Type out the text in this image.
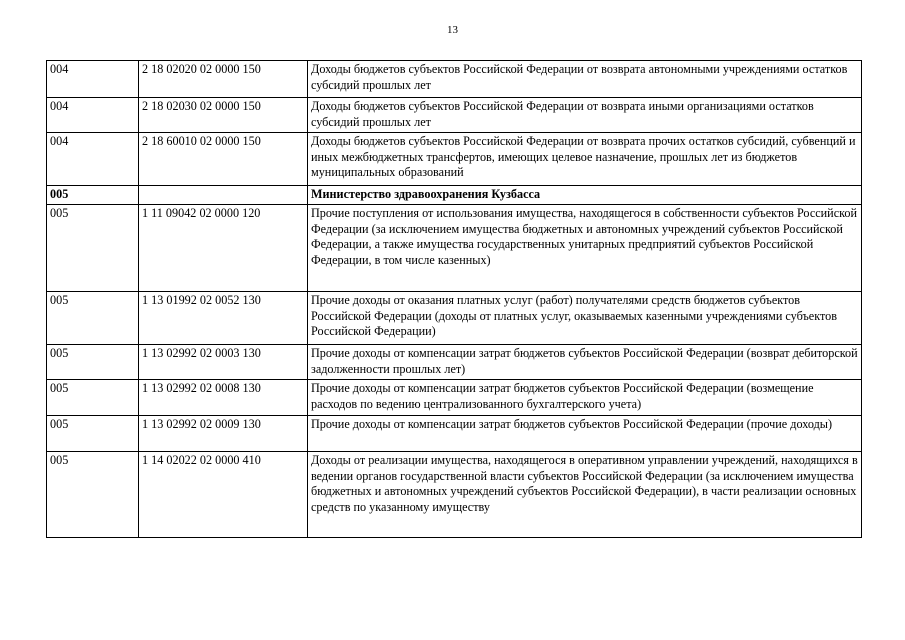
13
004	2 18 02020 02 0000 150	Доходы бюджетов субъектов Российской Федерации от возврата автономными учреждениями остатков субсидий прошлых лет
004	2 18 02030 02 0000 150	Доходы бюджетов субъектов Российской Федерации от возврата иными организациями остатков субсидий прошлых лет
004	2 18 60010 02 0000 150	Доходы бюджетов субъектов Российской Федерации от возврата прочих остатков субсидий, субвенций и иных межбюджетных трансфертов, имеющих целевое назначение, прошлых лет из бюджетов муниципальных образований
005		Министерство здравоохранения Кузбасса
005	1 11 09042 02 0000 120	Прочие поступления от использования имущества, находящегося в собственности субъектов Российской Федерации (за исключением имущества бюджетных и автономных учреждений субъектов Российской Федерации, а также имущества государственных унитарных предприятий субъектов Российской Федерации, в том числе казенных)
005	1 13 01992 02 0052 130	Прочие доходы от оказания платных услуг (работ) получателями средств бюджетов субъектов Российской Федерации (доходы от платных услуг, оказываемых казенными учреждениями субъектов Российской Федерации)
005	1 13 02992 02 0003 130	Прочие доходы от компенсации затрат бюджетов субъектов Российской Федерации (возврат дебиторской задолженности прошлых лет)
005	1 13 02992 02 0008 130	Прочие доходы от компенсации затрат бюджетов субъектов Российской Федерации (возмещение расходов по ведению централизованного бухгалтерского учета)
005	1 13 02992 02 0009 130	Прочие доходы от компенсации затрат бюджетов субъектов Российской Федерации (прочие доходы)
005	1 14 02022 02 0000 410	Доходы от реализации имущества, находящегося в оперативном управлении учреждений, находящихся в ведении органов государственной власти субъектов Российской Федерации (за исключением имущества бюджетных и автономных учреждений субъектов Российской Федерации), в части реализации основных средств по указанному имуществу
